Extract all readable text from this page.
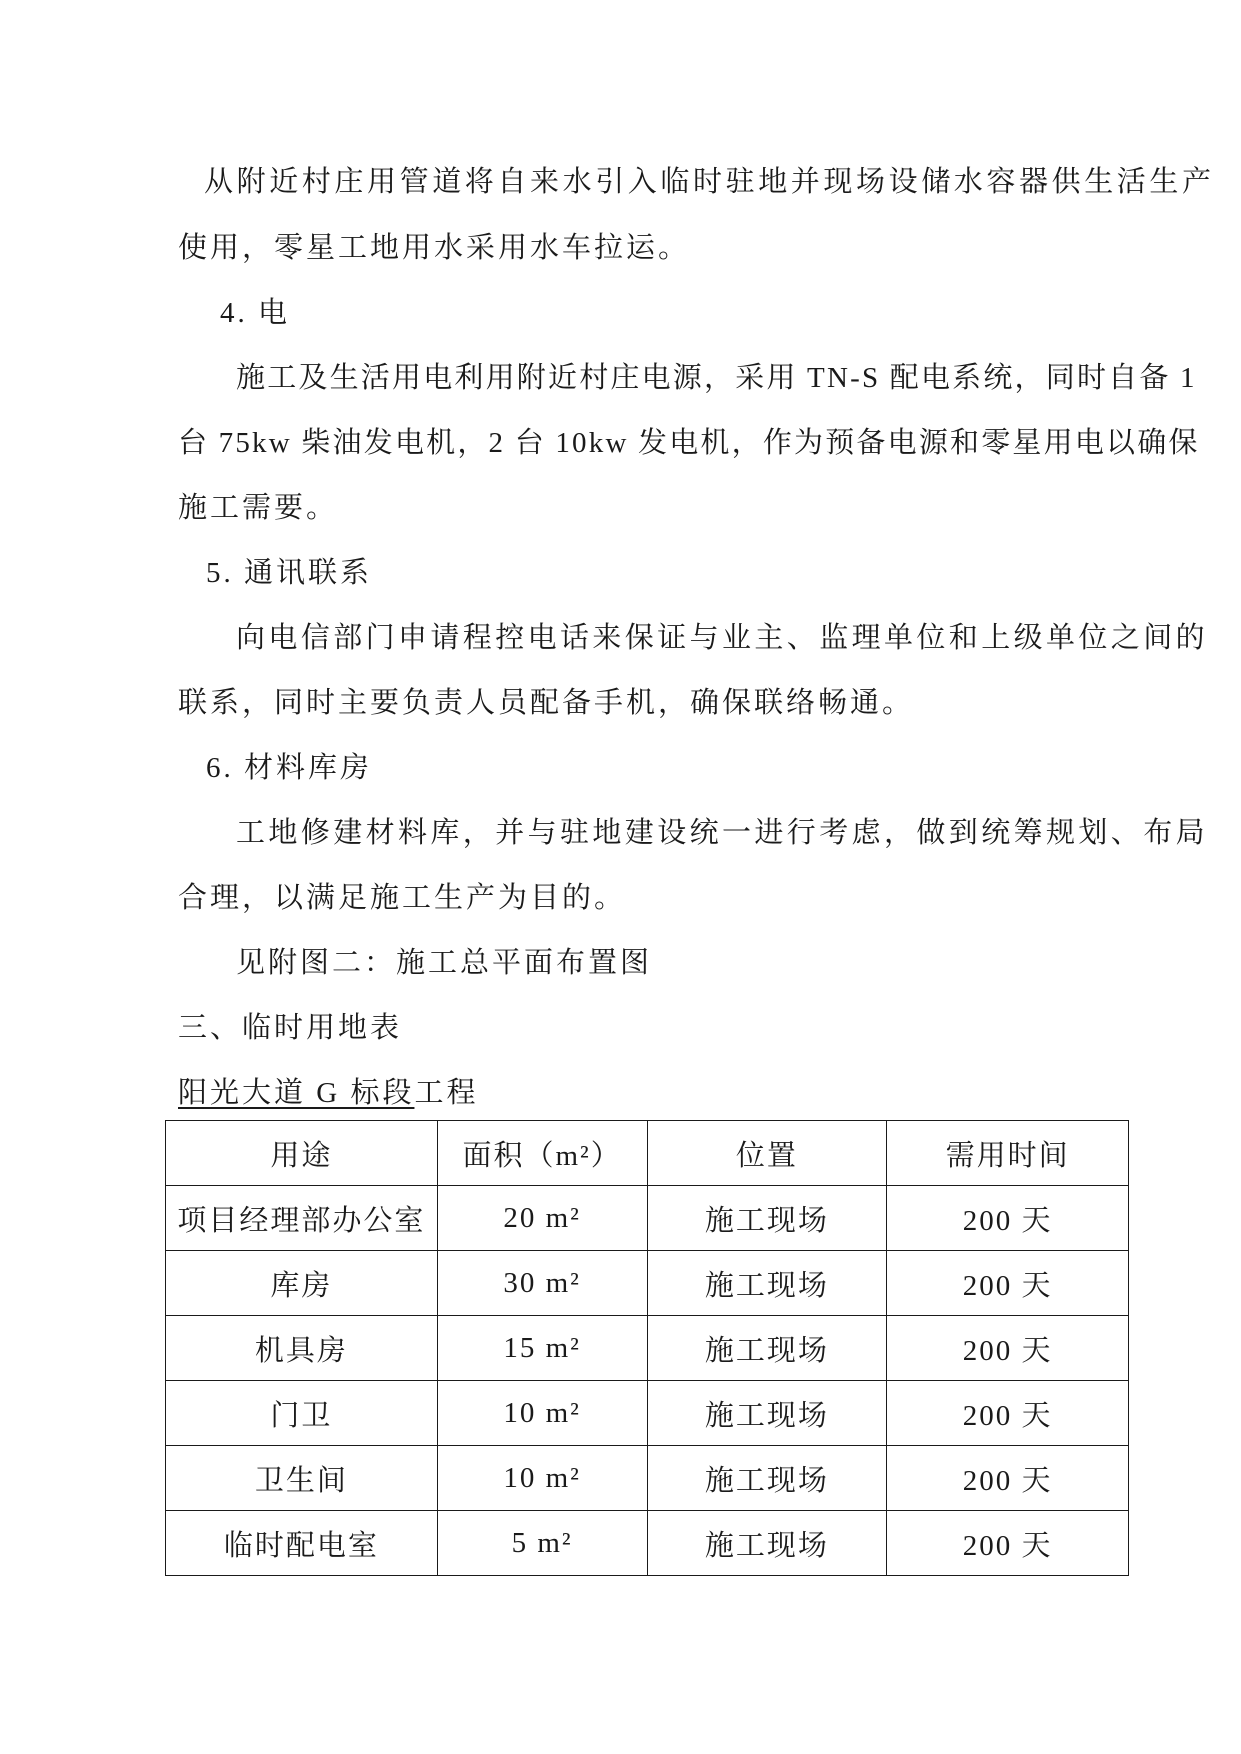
从附近村庄用管道将自来水引入临时驻地并现场设储水容器供生活生产
使用，零星工地用水采用水车拉运。
4. 电
施工及生活用电利用附近村庄电源，采用 TN-S 配电系统，同时自备 1
台 75kw 柴油发电机，2 台 10kw 发电机，作为预备电源和零星用电以确保
施工需要。
5. 通讯联系
向电信部门申请程控电话来保证与业主、监理单位和上级单位之间的
联系，同时主要负责人员配备手机，确保联络畅通。
6. 材料库房
工地修建材料库，并与驻地建设统一进行考虑，做到统筹规划、布局
合理，以满足施工生产为目的。
见附图二：施工总平面布置图
三、临时用地表
阳光大道 G 标段工程
用途	面积（m²）	位置	需用时间
项目经理部办公室	20 m²	施工现场	200 天
库房	30 m²	施工现场	200 天
机具房	15 m²	施工现场	200 天
门卫	10 m²	施工现场	200 天
卫生间	10 m²	施工现场	200 天
临时配电室	5 m²	施工现场	200 天
